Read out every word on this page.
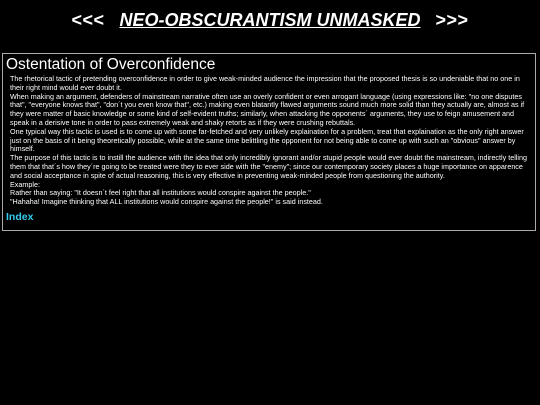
<<< NEO-OBSCURANTISM UNMASKED >>>
Ostentation of Overconfidence

The rhetorical tactic of pretending overconfidence in order to give weak-minded audience the impression that the proposed thesis is so undeniable that no one in their right mind would ever doubt it.

When making an argument, defenders of mainstream narrative often use an overly confident or even arrogant language (using expressions like: "no one disputes that", "everyone knows that", "don´t you even know that", etc.) making even blatantly flawed arguments sound much more solid than they actually are, almost as if they were matter of basic knowledge or some kind of self-evident truths; similarly, when attacking the opponents´ arguments, they use to feign amusement and speak in a derisive tone in order to pass extremely weak and shaky retorts as if they were crushing rebuttals.

One typical way this tactic is used is to come up with some far-fetched and very unlikely explaination for a problem, treat that explaination as the only right answer just on the basis of it being theoretically possible, while at the same time belittling the opponent for not being able to come up with such an "obvious" answer by himself.

The purpose of this tactic is to instill the audience with the idea that only incredibly ignorant and/or stupid people would ever doubt the mainstream, indirectly telling them that that´s how they´re going to be treated were they to ever side with the "enemy"; since our contemporary society places a huge importance on apparence and social acceptance in spite of actual reasoning, this is very effective in preventing weak-minded people from questioning the authority.

Example:

Rather than saying: "It doesn´t feel right that all institutions would conspire against the people."

"Hahaha! Imagine thinking that ALL institutions would conspire against the people!" is said instead.

Index
